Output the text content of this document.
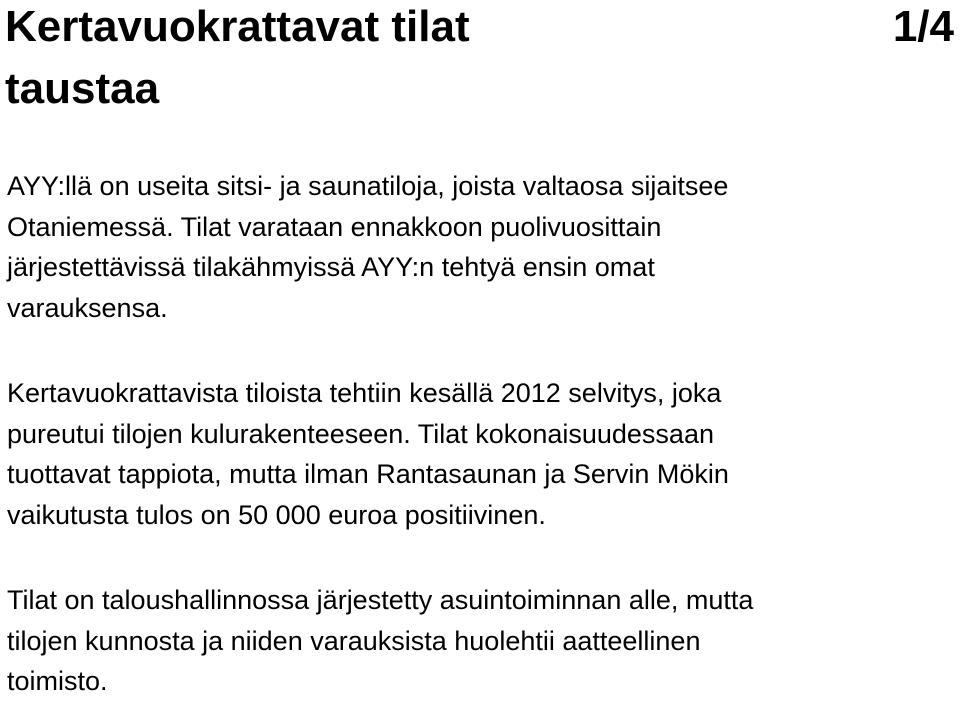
Kertavuokrattavat tilat
taustaa
1/4

AYY:llä on useita sitsi- ja saunatiloja, joista valtaosa sijaitsee
Otaniemessä. Tilat varataan ennakkoon puolivuosittain
järjestettävissä tilakähmyissä AYY:n tehtyä ensin omat
varauksensa.

Kertavuokrattavista tiloista tehtiin kesällä 2012 selvitys, joka
pureutui tilojen kulurakenteeseen. Tilat kokonaisuudessaan
tuottavat tappiota, mutta ilman Rantasaunan ja Servin Mökin
vaikutusta tulos on 50 000 euroa positiivinen.

Tilat on taloushallinnossa järjestetty asuintoiminnan alle, mutta
tilojen kunnosta ja niiden varauksista huolehtii aatteellinen
toimisto.
